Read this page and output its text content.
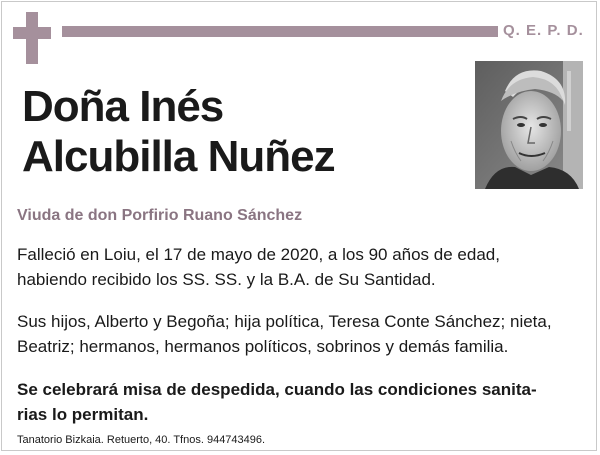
Q. E. P. D.
Doña Inés
Alcubilla Nuñez
Viuda de don Porfirio Ruano Sánchez
Falleció en Loiu, el 17 de mayo de 2020, a los 90 años de edad,
habiendo recibido los SS. SS. y la B.A. de Su Santidad.
Sus hijos, Alberto y Begoña; hija política, Teresa Conte Sánchez; nieta,
Beatriz; hermanos, hermanos políticos, sobrinos y demás familia.
Se celebrará misa de despedida, cuando las condiciones sanita-
rias lo permitan.
Tanatorio Bizkaia. Retuerto, 40. Tfnos. 944743496.
